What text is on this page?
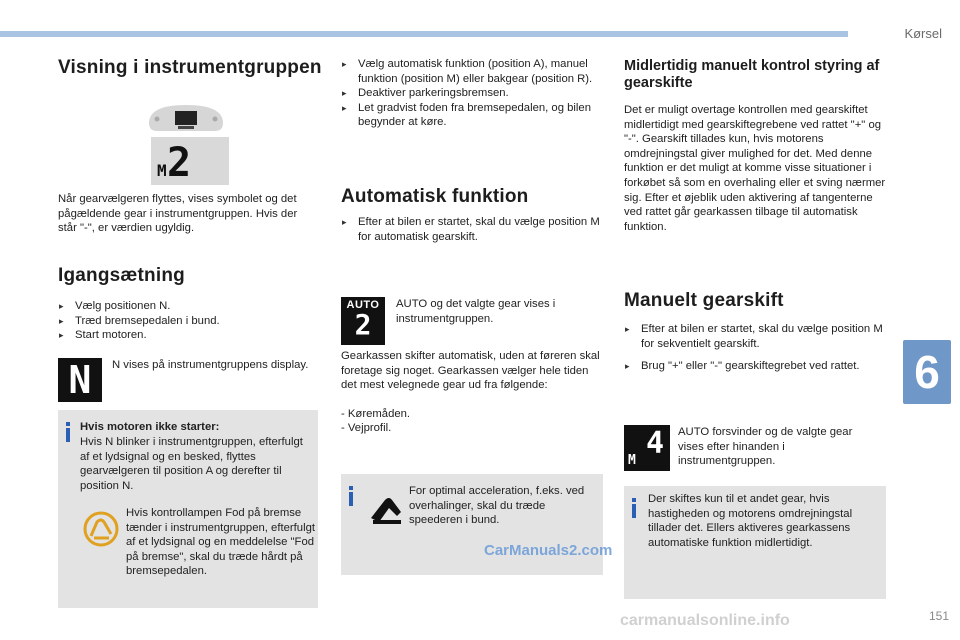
Kørsel
Visning i instrumentgruppen
2
M
Når gearvælgeren flyttes, vises symbolet og det pågældende gear i instrumentgruppen. Hvis der står "-", er værdien ugyldig.
Igangsætning
▸ Vælg positionen N.
▸ Træd bremsepedalen i bund.
▸ Start motoren.
N	N vises på instrumentgruppens display.
Hvis motoren ikke starter:
Hvis N blinker i instrumentgruppen, efterfulgt af et lydsignal og en besked, flyttes gearvælgeren til position A og derefter til position N.
Hvis kontrollampen Fod på bremse tænder i instrumentgruppen, efterfulgt af et lydsignal og en meddelelse "Fod på bremse", skal du træde hårdt på bremsepedalen.
▸ Vælg automatisk funktion (position A), manuel funktion (position M) eller bakgear (position R).
▸ Deaktiver parkeringsbremsen.
▸ Let gradvist foden fra bremsepedalen, og bilen begynder at køre.
Automatisk funktion
▸ Efter at bilen er startet, skal du vælge position M for automatisk gearskift.
AUTO
2
AUTO og det valgte gear vises i instrumentgruppen.
Gearkassen skifter automatisk, uden at føreren skal foretage sig noget. Gearkassen vælger hele tiden det mest velegnede gear ud fra følgende:
- Køremåden.
- Vejprofil.
For optimal acceleration, f.eks. ved overhalinger, skal du træde speederen i bund.
Midlertidig manuelt kontrol styring af gearskifte
Det er muligt overtage kontrollen med gearskiftet midlertidigt med gearskiftegrebene ved rattet "+" og "-". Gearskift tillades kun, hvis motorens omdrejningstal giver mulighed for det. Med denne funktion er det muligt at komme visse situationer i forkøbet så som en overhaling eller et sving nærmer sig. Efter et øjeblik uden aktivering af tangenterne ved rattet går gearkassen tilbage til automatisk funktion.
Manuelt gearskift
▸ Efter at bilen er startet, skal du vælge position M for sekventielt gearskift.
▸ Brug "+" eller "-" gearskiftegrebet ved rattet.
4
M
AUTO forsvinder og de valgte gear vises efter hinanden i instrumentgruppen.
Der skiftes kun til et andet gear, hvis hastigheden og motorens omdrejningstal tillader det. Ellers aktiveres gearkassens automatiske funktion midlertidigt.
6
151
CarManuals2.com
carmanualsonline.info
